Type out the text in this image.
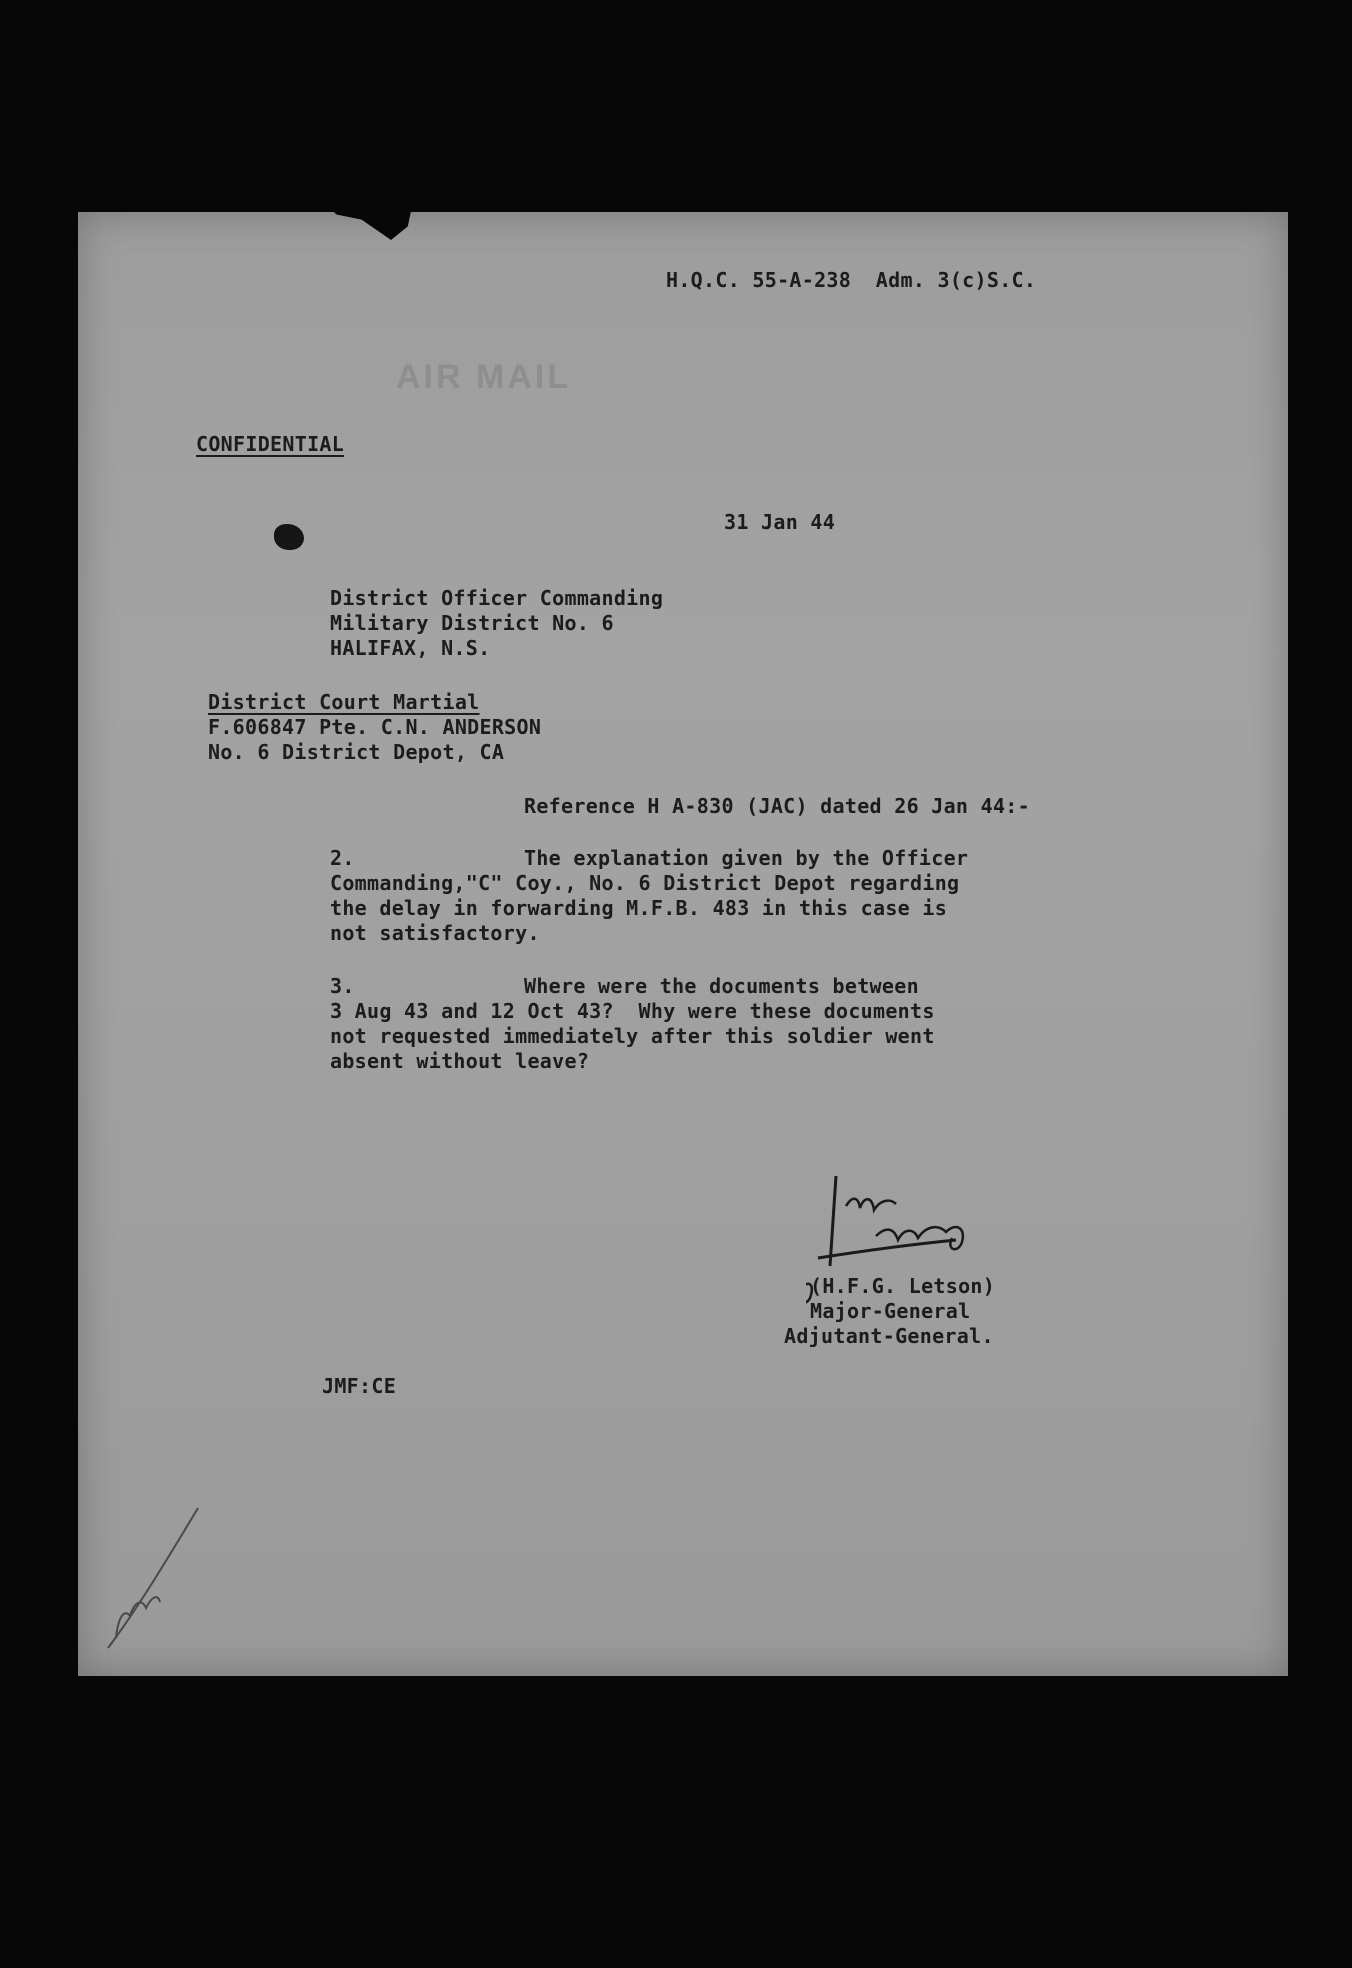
H.Q.C. 55-A-238  Adm. 3(c)S.C.
AIR MAIL
CONFIDENTIAL
31 Jan 44
District Officer Commanding
Military District No. 6
HALIFAX, N.S.
District Court Martial
F.606847 Pte. C.N. ANDERSON
No. 6 District Depot, CA
Reference H A-830 (JAC) dated 26 Jan 44:-
2.	The explanation given by the Officer
Commanding,"C" Coy., No. 6 District Depot regarding
the delay in forwarding M.F.B. 483 in this case is
not satisfactory.
3.	Where were the documents between
3 Aug 43 and 12 Oct 43?  Why were these documents
not requested immediately after this soldier went
absent without leave?
(H.F.G. Letson)
Major-General
Adjutant-General.
JMF:CE
